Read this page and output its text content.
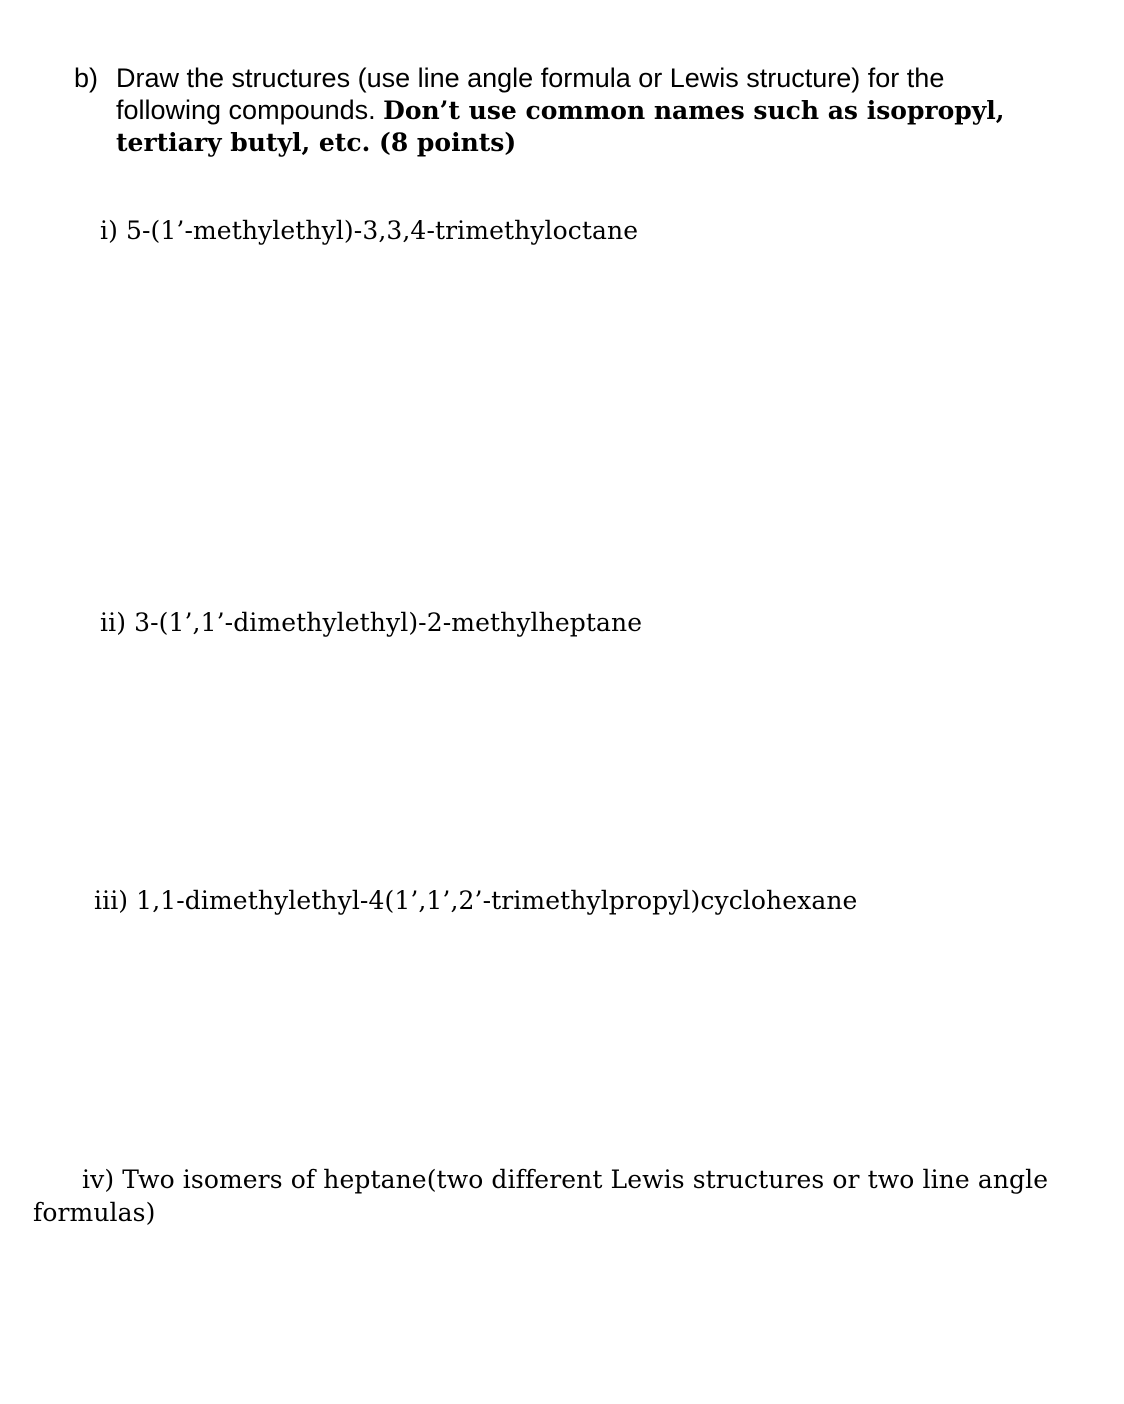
b) Draw the structures (use line angle formula or Lewis structure) for the
following compounds. Don’t use common names such as isopropyl,
tertiary butyl, etc. (8 points)
i) 5-(1’-methylethyl)-3,3,4-trimethyloctane
ii) 3-(1’,1’-dimethylethyl)-2-methylheptane
iii) 1,1-dimethylethyl-4(1’,1’,2’-trimethylpropyl)cyclohexane
iv) Two isomers of heptane(two different Lewis structures or two line angle
formulas)
